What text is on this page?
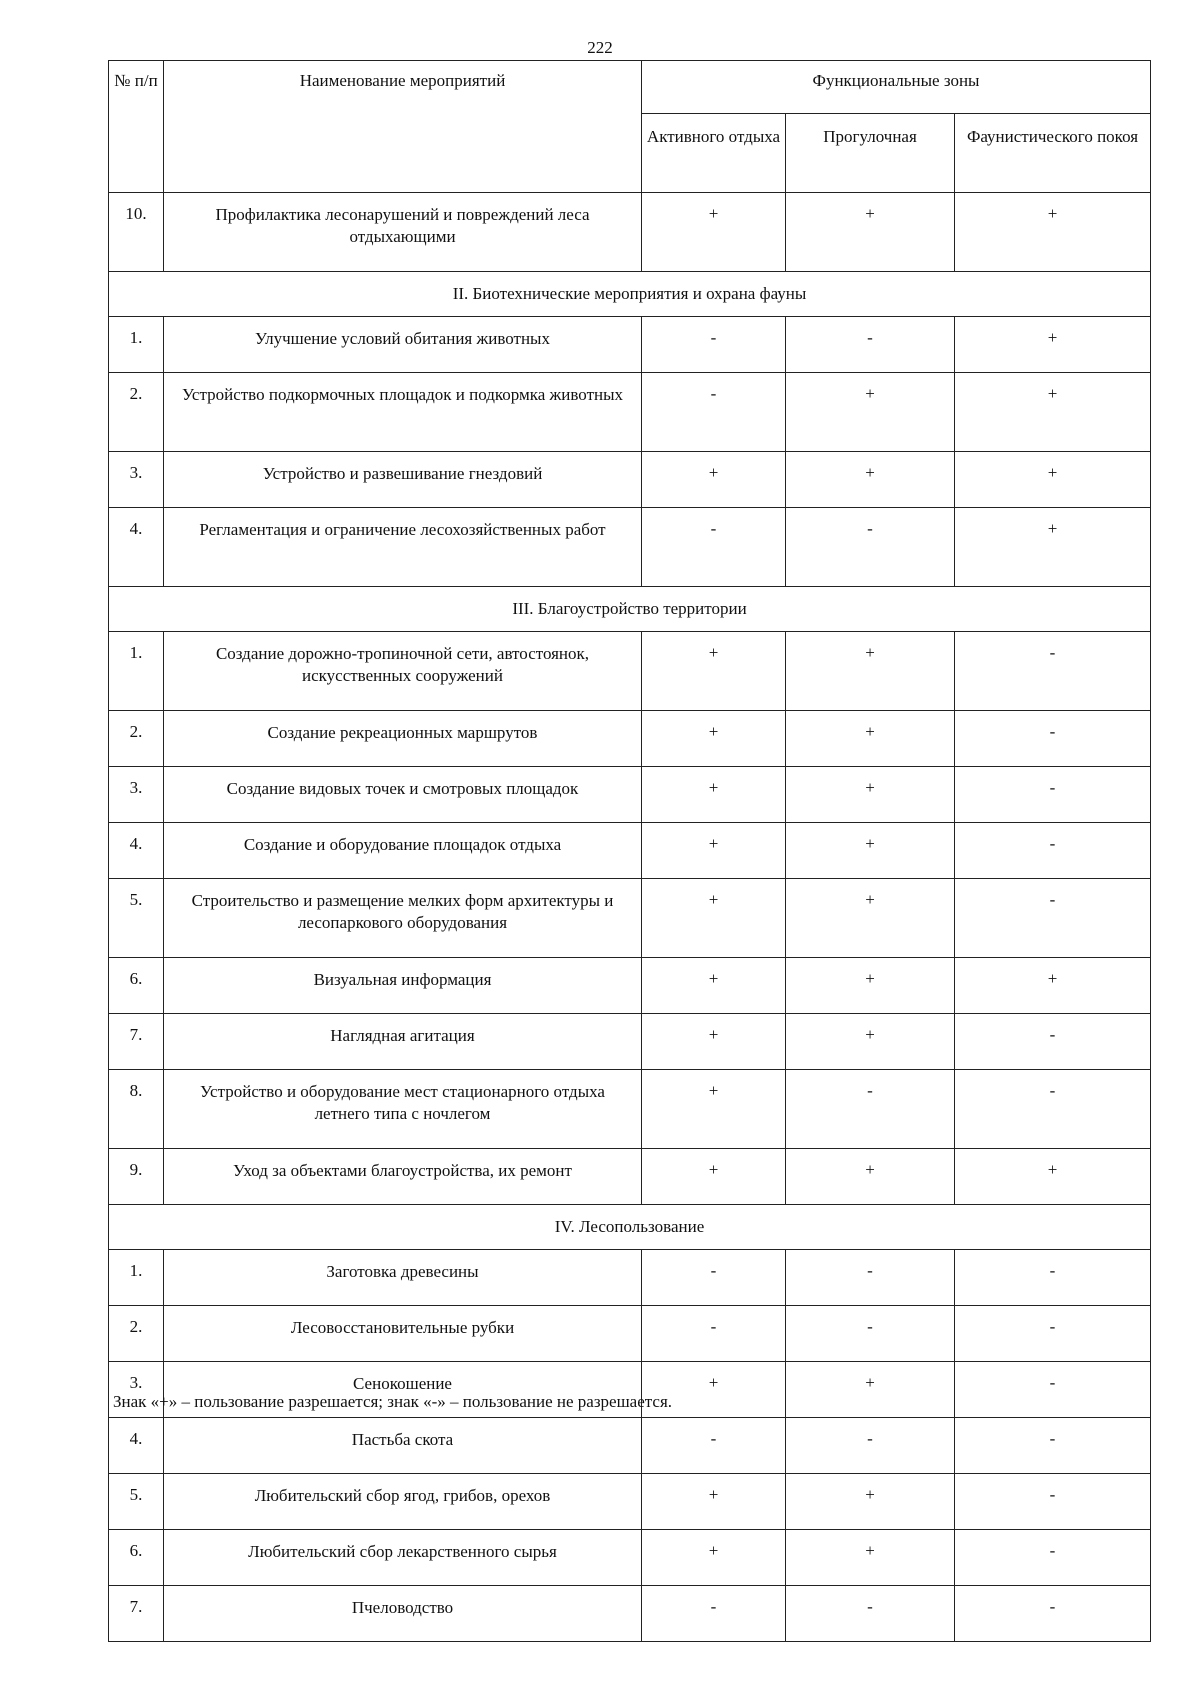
222
№ п/п	Наименование мероприятий	Функциональные зоны		
		Активного отдыха	Прогулочная	Фаунистического покоя
10.	Профилактика лесонарушений и повреждений леса отдыхающими	+	+	+
II. Биотехнические мероприятия и охрана фауны				
1.	Улучшение условий обитания животных	-	-	+
2.	Устройство подкормочных площадок и подкормка животных	-	+	+
3.	Устройство и развешивание гнездовий	+	+	+
4.	Регламентация и ограничение лесохозяйственных работ	-	-	+
III. Благоустройство территории				
1.	Создание дорожно-тропиночной сети, автостоянок, искусственных сооружений	+	+	-
2.	Создание рекреационных маршрутов	+	+	-
3.	Создание видовых точек и смотровых площадок	+	+	-
4.	Создание и оборудование площадок отдыха	+	+	-
5.	Строительство и размещение мелких форм архитектуры и лесопаркового оборудования	+	+	-
6.	Визуальная информация	+	+	+
7.	Наглядная агитация	+	+	-
8.	Устройство и оборудование мест стационарного отдыха летнего типа с ночлегом	+	-	-
9.	Уход за объектами благоустройства, их ремонт	+	+	+
IV. Лесопользование				
1.	Заготовка древесины	-	-	-
2.	Лесовосстановительные рубки	-	-	-
3.	Сенокошение	+	+	-
4.	Пастьба скота	-	-	-
5.	Любительский сбор ягод, грибов, орехов	+	+	-
6.	Любительский сбор лекарственного сырья	+	+	-
7.	Пчеловодство	-	-	-
Знак «+» – пользование разрешается; знак «-» – пользование не разрешается.
